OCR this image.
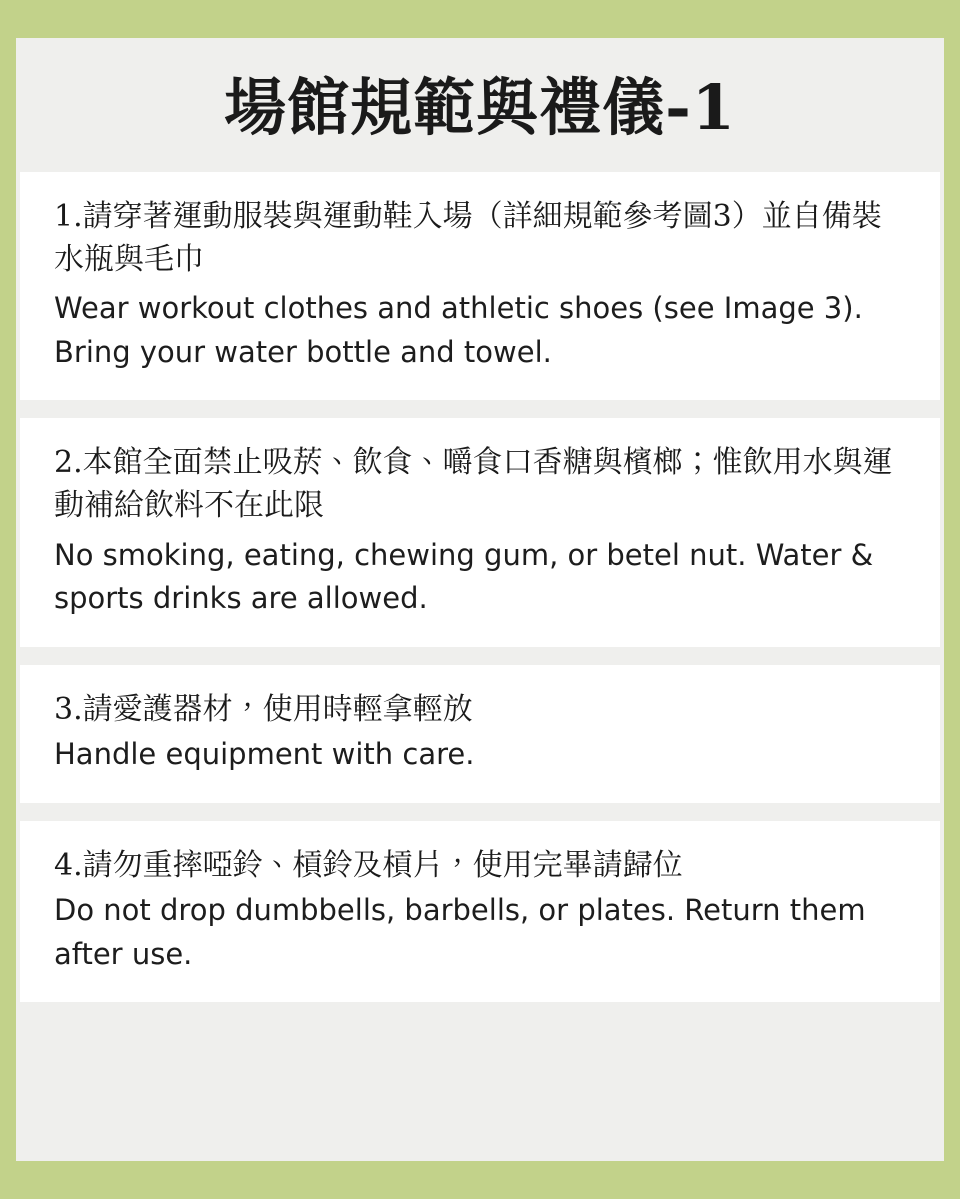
場館規範與禮儀-1

1.請穿著運動服裝與運動鞋入場（詳細規範參考圖3）並自備裝水瓶與毛巾

Wear workout clothes and athletic shoes (see Image 3). Bring your water bottle and towel.

2.本館全面禁止吸菸、飲食、嚼食口香糖與檳榔；惟飲用水與運動補給飲料不在此限

No smoking, eating, chewing gum, or betel nut. Water & sports drinks are allowed.

3.請愛護器材，使用時輕拿輕放

Handle equipment with care.

4.請勿重摔啞鈴、槓鈴及槓片，使用完畢請歸位

Do not drop dumbbells, barbells, or plates. Return them after use.
